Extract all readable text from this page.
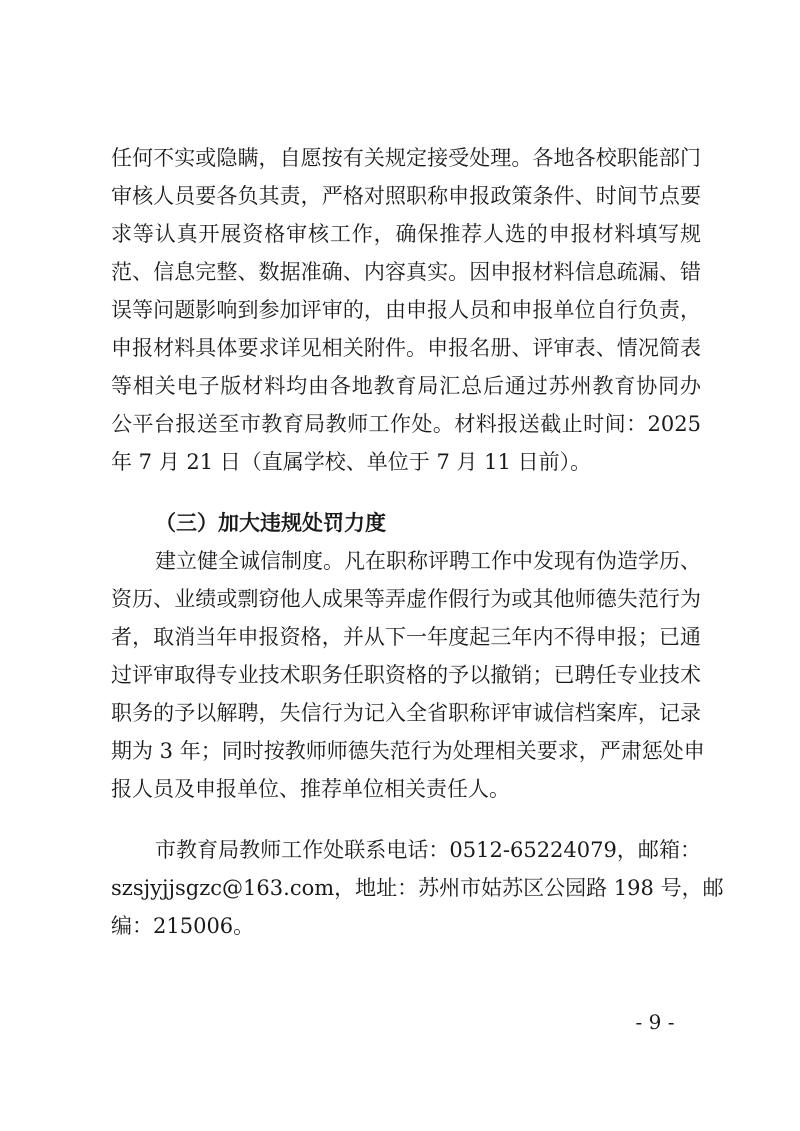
任何不实或隐瞒，自愿按有关规定接受处理。各地各校职能部门
审核人员要各负其责，严格对照职称申报政策条件、时间节点要
求等认真开展资格审核工作，确保推荐人选的申报材料填写规
范、信息完整、数据准确、内容真实。因申报材料信息疏漏、错
误等问题影响到参加评审的，由申报人员和申报单位自行负责，
申报材料具体要求详见相关附件。申报名册、评审表、情况简表
等相关电子版材料均由各地教育局汇总后通过苏州教育协同办
公平台报送至市教育局教师工作处。材料报送截止时间：2025
年 7 月 21 日（直属学校、单位于 7 月 11 日前）。
（三）加大违规处罚力度
建立健全诚信制度。凡在职称评聘工作中发现有伪造学历、
资历、业绩或剽窃他人成果等弄虚作假行为或其他师德失范行为
者，取消当年申报资格，并从下一年度起三年内不得申报；已通
过评审取得专业技术职务任职资格的予以撤销；已聘任专业技术
职务的予以解聘，失信行为记入全省职称评审诚信档案库，记录
期为 3 年；同时按教师师德失范行为处理相关要求，严肃惩处申
报人员及申报单位、推荐单位相关责任人。
市教育局教师工作处联系电话：0512-65224079，邮箱：
szsjyjjsgzc@163.com，地址：苏州市姑苏区公园路 198 号，邮
编：215006。
- 9 -
